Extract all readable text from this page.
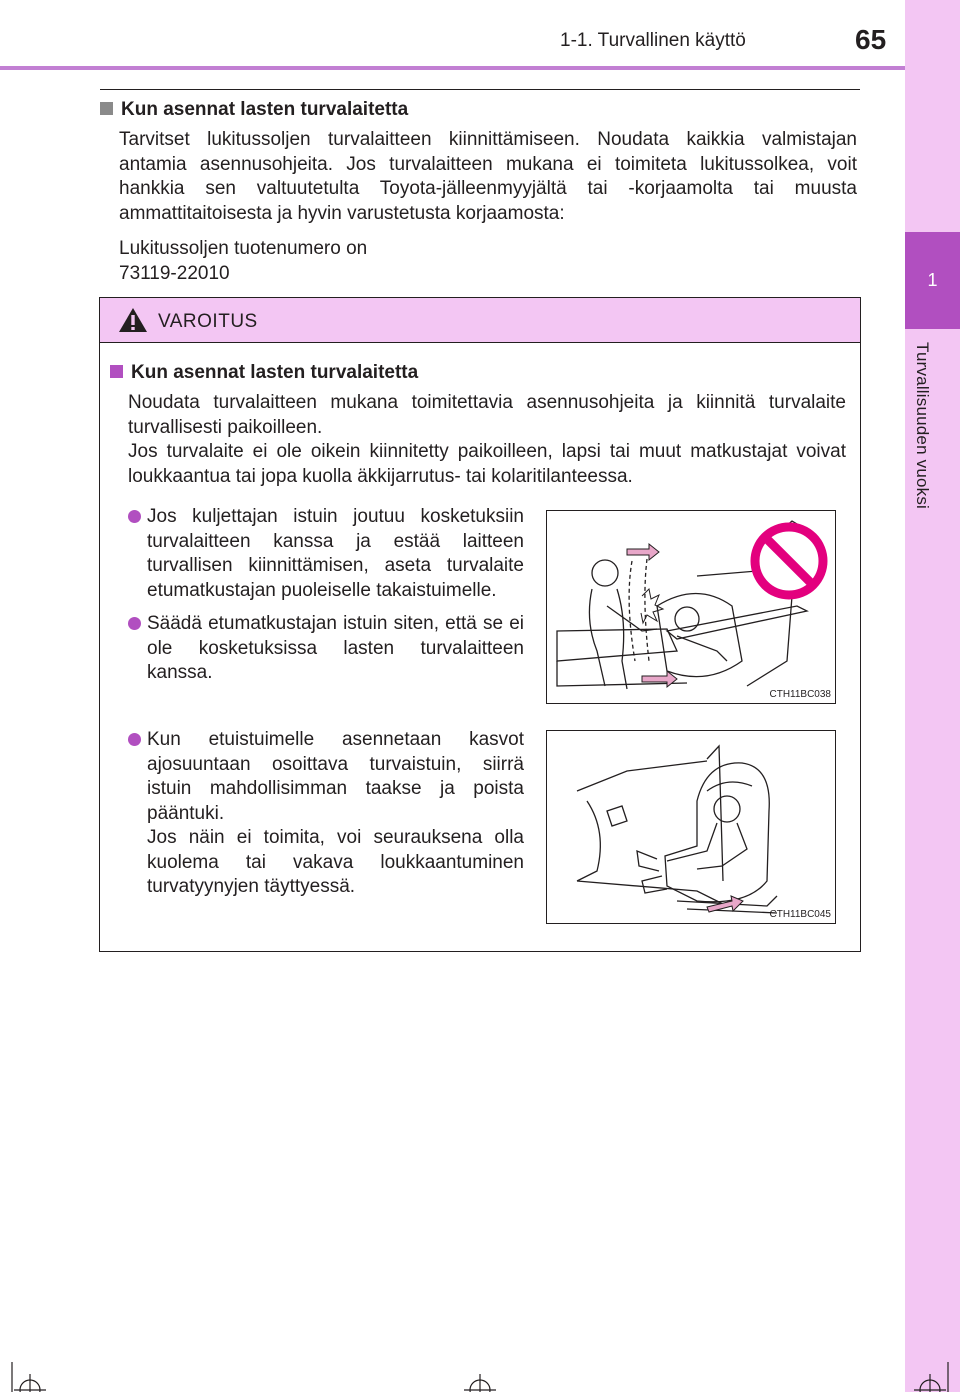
1-1. Turvallinen käyttö	65
1
Turvallisuuden vuoksi
Kun asennat lasten turvalaitetta
Tarvitset lukitussoljen turvalaitteen kiinnittämiseen. Noudata kaikkia valmistajan antamia asennusohjeita. Jos turvalaitteen mukana ei toimiteta lukitussolkea, voit hankkia sen valtuutetulta Toyota-jälleenmyyjältä tai -korjaamolta tai muusta ammattitaitoisesta ja hyvin varustetusta korjaamosta:
Lukitussoljen tuotenumero on
73119-22010
VAROITUS
Kun asennat lasten turvalaitetta
Noudata turvalaitteen mukana toimitettavia asennusohjeita ja kiinnitä turvalaite turvallisesti paikoilleen.
Jos turvalaite ei ole oikein kiinnitetty paikoilleen, lapsi tai muut matkustajat voivat loukkaantua tai jopa kuolla äkkijarrutus- tai kolaritilanteessa.
Jos kuljettajan istuin joutuu kosketuksiin turvalaitteen kanssa ja estää laitteen turvallisen kiinnittämisen, aseta turvalaite etumatkustajan puoleiselle takaistuimelle.
Säädä etumatkustajan istuin siten, että se ei ole kosketuksissa lasten turvalaitteen kanssa.
Kun etuistuimelle asennetaan kasvot ajosuuntaan osoittava turvaistuin, siirrä istuin mahdollisimman taakse ja poista pääntuki.
Jos näin ei toimita, voi seurauksena olla kuolema tai vakava loukkaantuminen turvatyynyjen täyttyessä.
CTH11BC038
CTH11BC045
